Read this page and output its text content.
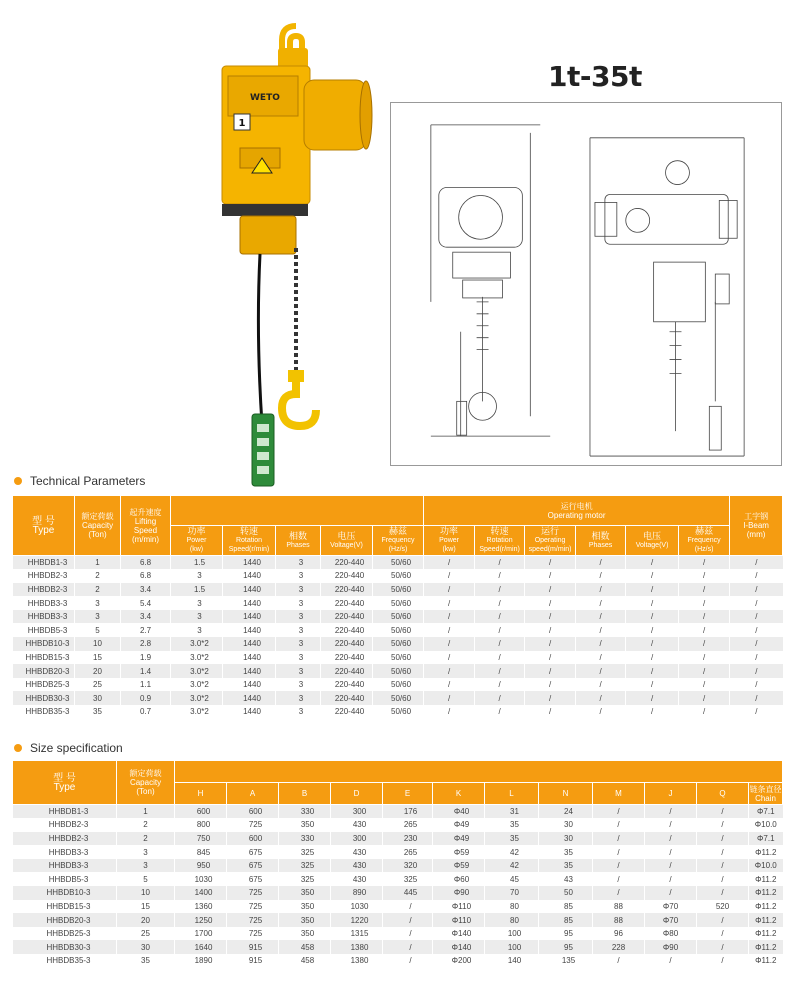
1
WETO
1t-35t
Technical Parameters
型 号
Type	额定荷载
Capacity
(Ton)	起升速度
Lifting
Speed
(m/min)						运行电机
Operating motor						工字钢
I-Beam
(mm)
			功率

Power
(kw)	转速

Rotation
Speed(r/min)	相数

Phases	电压

Voltage(V)	赫兹

Frequency
(Hz/s)	功率

Power
(kw)	转速

Rotation
Speed(r/min)	运行

Operating
speed(m/min)	相数

Phases	电压

Voltage(V)	赫兹

Frequency
(Hz/s)	

HHBDB1-3	1	6.8	1.5	1440	3	220-440	50/60	/	/	/	/	/	/	/
HHBDB2-3	2	6.8	3	1440	3	220-440	50/60	/	/	/	/	/	/	/
HHBDB2-3	2	3.4	1.5	1440	3	220-440	50/60	/	/	/	/	/	/	/
HHBDB3-3	3	5.4	3	1440	3	220-440	50/60	/	/	/	/	/	/	/
HHBDB3-3	3	3.4	3	1440	3	220-440	50/60	/	/	/	/	/	/	/
HHBDB5-3	5	2.7	3	1440	3	220-440	50/60	/	/	/	/	/	/	/
HHBDB10-3	10	2.8	3.0*2	1440	3	220-440	50/60	/	/	/	/	/	/	/
HHBDB15-3	15	1.9	3.0*2	1440	3	220-440	50/60	/	/	/	/	/	/	/
HHBDB20-3	20	1.4	3.0*2	1440	3	220-440	50/60	/	/	/	/	/	/	/
HHBDB25-3	25	1.1	3.0*2	1440	3	220-440	50/60	/	/	/	/	/	/	/
HHBDB30-3	30	0.9	3.0*2	1440	3	220-440	50/60	/	/	/	/	/	/	/
HHBDB35-3	35	0.7	3.0*2	1440	3	220-440	50/60	/	/	/	/	/	/	/
Size specification
型 号
Type	额定荷载
Capacity
(Ton)												
		H	A	B	D	E	K	L	N	M	J	Q	链条直径
Chain
HHBDB1-3	1	600	600	330	300	176	Φ40	31	24	/	/	/	Φ7.1
HHBDB2-3	2	800	725	350	430	265	Φ49	35	30	/	/	/	Φ10.0
HHBDB2-3	2	750	600	330	300	230	Φ49	35	30	/	/	/	Φ7.1
HHBDB3-3	3	845	675	325	430	265	Φ59	42	35	/	/	/	Φ11.2
HHBDB3-3	3	950	675	325	430	320	Φ59	42	35	/	/	/	Φ10.0
HHBDB5-3	5	1030	675	325	430	325	Φ60	45	43	/	/	/	Φ11.2
HHBDB10-3	10	1400	725	350	890	445	Φ90	70	50	/	/	/	Φ11.2
HHBDB15-3	15	1360	725	350	1030	/	Φ110	80	85	88	Φ70	520	Φ11.2
HHBDB20-3	20	1250	725	350	1220	/	Φ110	80	85	88	Φ70	/	Φ11.2
HHBDB25-3	25	1700	725	350	1315	/	Φ140	100	95	96	Φ80	/	Φ11.2
HHBDB30-3	30	1640	915	458	1380	/	Φ140	100	95	228	Φ90	/	Φ11.2
HHBDB35-3	35	1890	915	458	1380	/	Φ200	140	135	/	/	/	Φ11.2
